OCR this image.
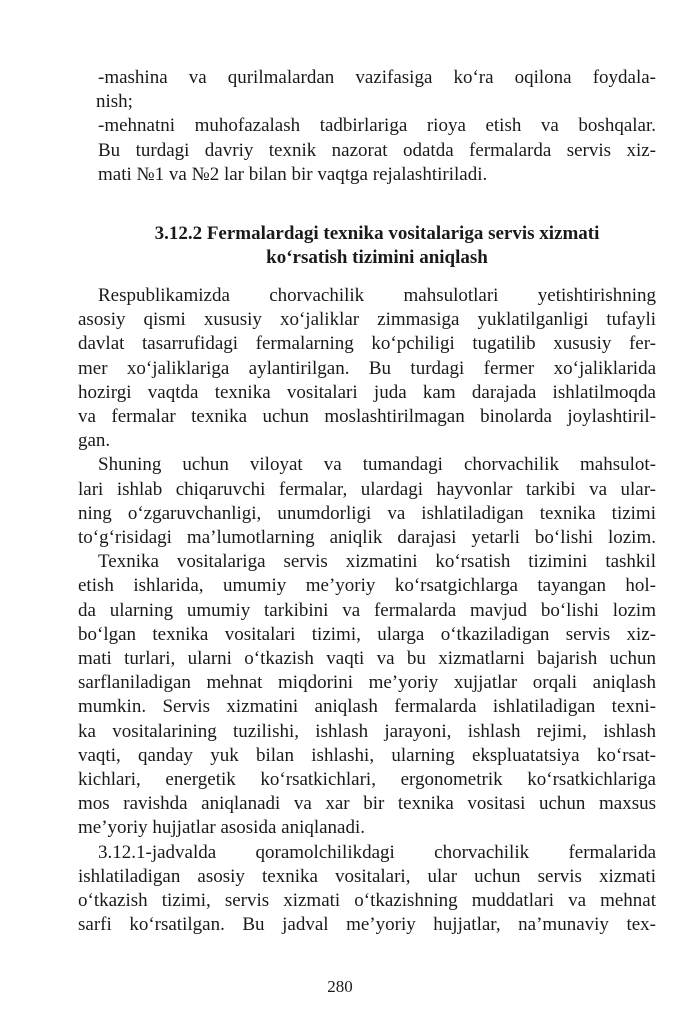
-mashina va qurilmalardan vazifasiga ko‘ra oqilona foydala-
nish;
-mehnatni muhofazalash tadbirlariga rioya etish va boshqalar.
Bu turdagi davriy texnik nazorat odatda fermalarda servis xiz-
mati №1 va №2 lar bilan bir vaqtga rejalashtiriladi.
3.12.2 Fermalardagi texnika vositalariga servis xizmati
ko‘rsatish tizimini aniqlash
Respublikamizda chorvachilik mahsulotlari yetishtirishning
asosiy qismi xususiy xo‘jaliklar zimmasiga yuklatilganligi tufayli
davlat tasarrufidagi fermalarning ko‘pchiligi tugatilib xususiy fer-
mer xo‘jaliklariga aylantirilgan. Bu turdagi fermer xo‘jaliklarida
hozirgi vaqtda texnika vositalari juda kam darajada ishlatilmoqda
va fermalar texnika uchun moslashtirilmagan binolarda joylashtiril-
gan.
Shuning uchun viloyat va tumandagi chorvachilik mahsulot-
lari ishlab chiqaruvchi fermalar, ulardagi hayvonlar tarkibi va ular-
ning o‘zgaruvchanligi, unumdorligi va ishlatiladigan texnika tizimi
to‘g‘risidagi ma’lumotlarning aniqlik darajasi yetarli bo‘lishi lozim.
Texnika vositalariga servis xizmatini ko‘rsatish tizimini tashkil
etish ishlarida, umumiy me’yoriy ko‘rsatgichlarga tayangan hol-
da ularning umumiy tarkibini va fermalarda mavjud bo‘lishi lozim
bo‘lgan texnika vositalari tizimi, ularga o‘tkaziladigan servis xiz-
mati turlari, ularni o‘tkazish vaqti va bu xizmatlarni bajarish uchun
sarflaniladigan mehnat miqdorini me’yoriy xujjatlar orqali aniqlash
mumkin. Servis xizmatini aniqlash fermalarda ishlatiladigan texni-
ka vositalarining tuzilishi, ishlash jarayoni, ishlash rejimi, ishlash
vaqti, qanday yuk bilan ishlashi, ularning ekspluatatsiya ko‘rsat-
kichlari, energetik ko‘rsatkichlari, ergonometrik ko‘rsatkichlariga
mos ravishda aniqlanadi va xar bir texnika vositasi uchun maxsus
me’yoriy hujjatlar asosida aniqlanadi.
3.12.1-jadvalda qoramolchilikdagi chorvachilik fermalarida
ishlatiladigan asosiy texnika vositalari, ular uchun servis xizmati
o‘tkazish tizimi, servis xizmati o‘tkazishning muddatlari va mehnat
sarfi ko‘rsatilgan. Bu jadval me’yoriy hujjatlar, na’munaviy tex-
280
